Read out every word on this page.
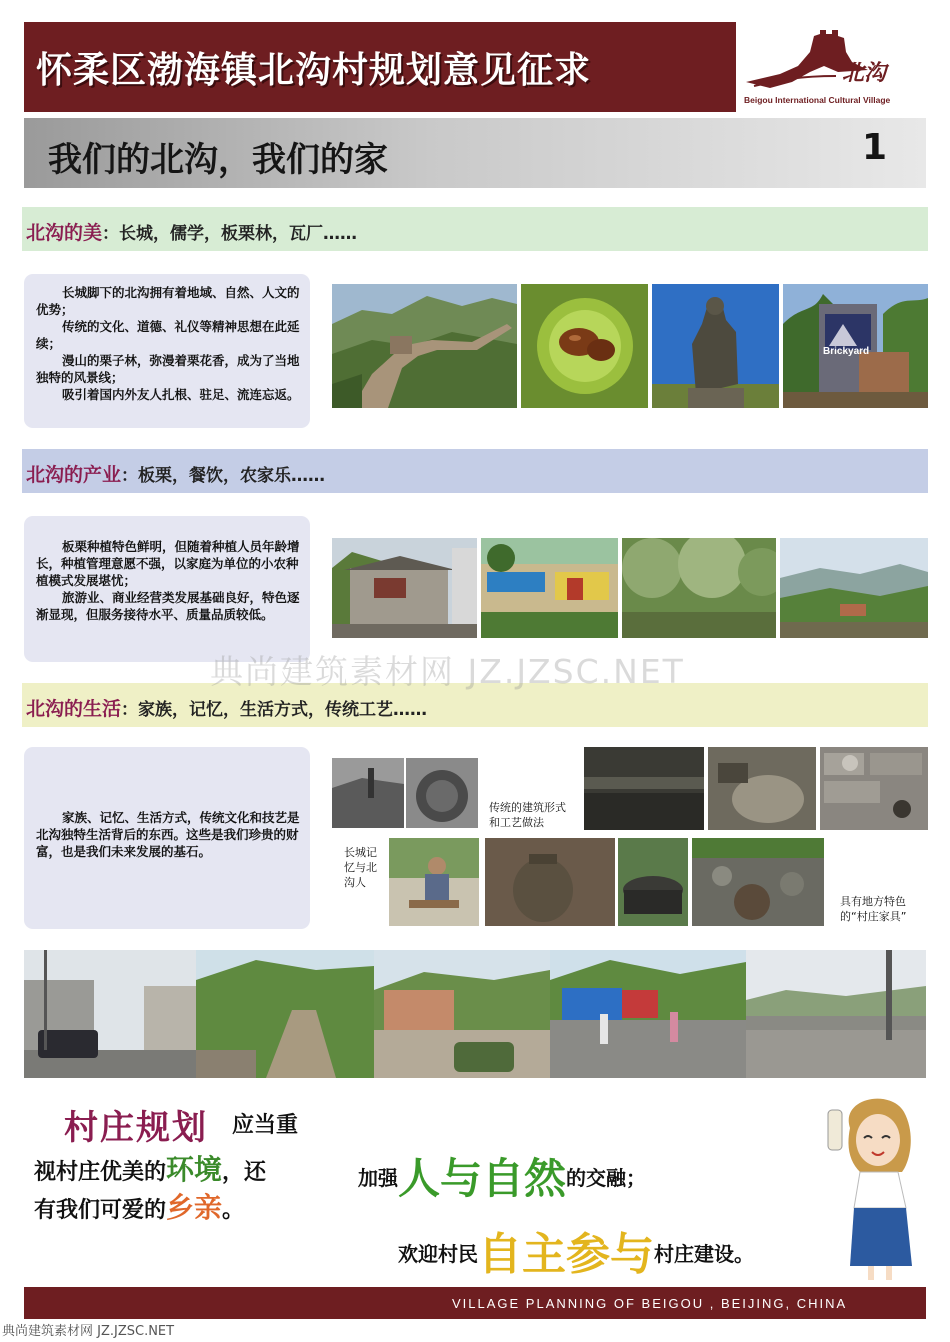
怀柔区渤海镇北沟村规划意见征求	北沟
Beigou International Cultural Village
我们的北沟，我们的家	1
北沟的美：长城，儒学，板栗林，瓦厂……

长城脚下的北沟拥有着地域、自然、人文的优势；

传统的文化、道德、礼仪等精神思想在此延续；

漫山的栗子林，弥漫着栗花香，成为了当地独特的风景线；

吸引着国内外友人扎根、驻足、流连忘返。

Brickyard
北沟的产业：板栗，餐饮，农家乐……

板栗种植特色鲜明，但随着种植人员年龄增长，种植管理意愿不强，以家庭为单位的小农种植模式发展堪忧；

旅游业、商业经营类发展基础良好，特色逐渐显现，但服务接待水平、质量品质较低。

北沟的生活：家族，记忆，生活方式，传统工艺……

家族、记忆、生活方式，传统文化和技艺是北沟独特生活背后的东西。这些是我们珍贵的财富，也是我们未来发展的基石。

传统的建筑形式和工艺做法
长城记忆与北沟人
具有地方特色的“村庄家具”
村庄规划 应当重
视村庄优美的环境，还
有我们可爱的乡亲。
加强人与自然的交融；
欢迎村民自主参与村庄建设。
VILLAGE PLANNING OF BEIGOU , BEIJING, CHINA
典尚建筑素材网 JZ.JZSC.NET
典尚建筑素材网 JZ.JZSC.NET
